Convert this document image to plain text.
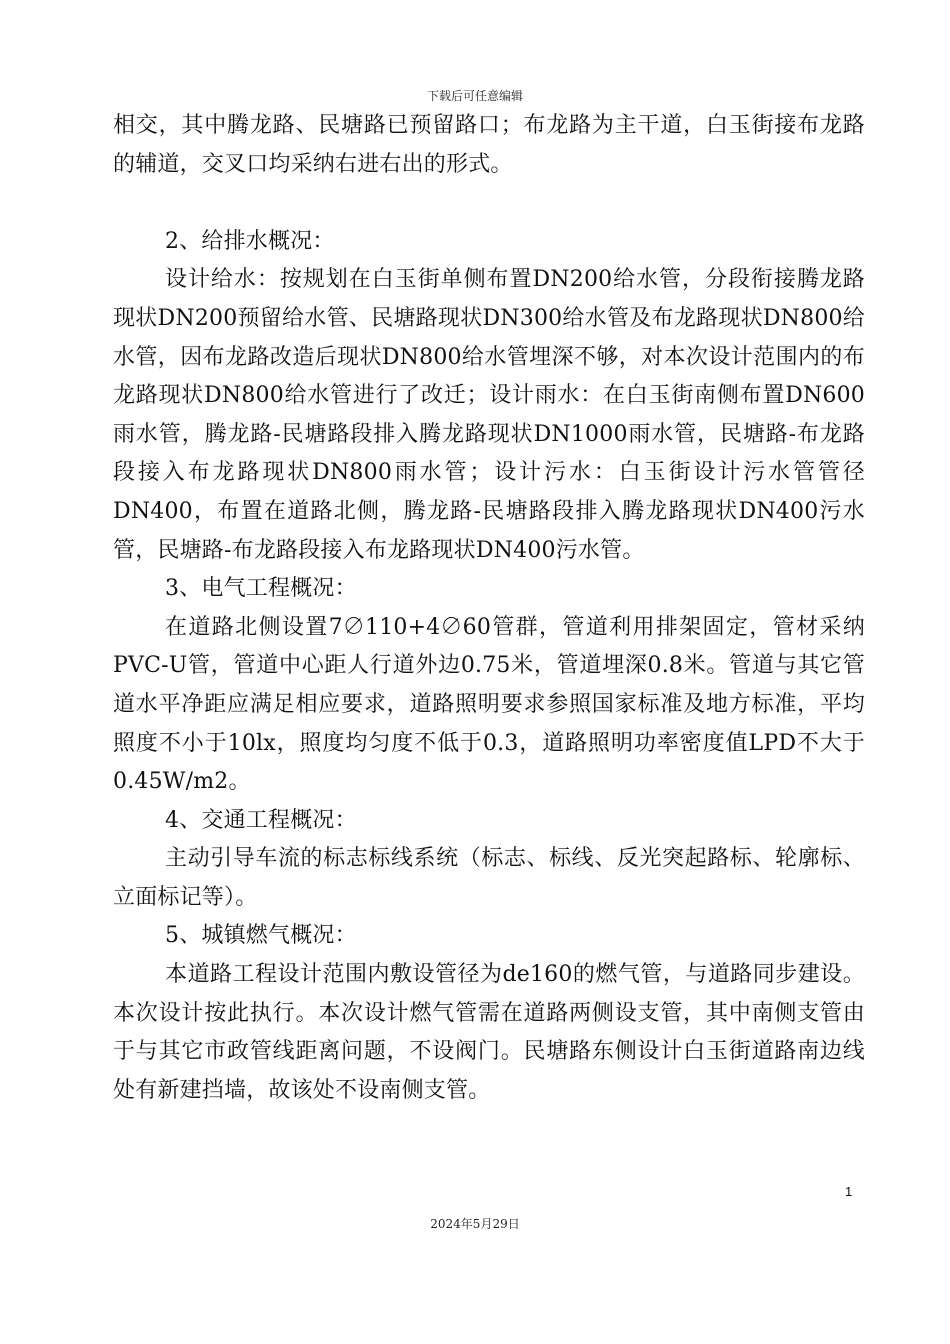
下载后可任意编辑

相交，其中腾龙路、民塘路已预留路口；布龙路为主干道，白玉街接布龙路的辅道，交叉口均采纳右进右出的形式。

2、给排水概况：

设计给水：按规划在白玉街单侧布置DN200给水管，分段衔接腾龙路现状DN200预留给水管、民塘路现状DN300给水管及布龙路现状DN800给水管，因布龙路改造后现状DN800给水管埋深不够，对本次设计范围内的布龙路现状DN800给水管进行了改迁；设计雨水：在白玉街南侧布置DN600雨水管，腾龙路-民塘路段排入腾龙路现状DN1000雨水管，民塘路-布龙路段接入布龙路现状DN800雨水管；设计污水：白玉街设计污水管管径DN400，布置在道路北侧，腾龙路-民塘路段排入腾龙路现状DN400污水管，民塘路-布龙路段接入布龙路现状DN400污水管。

3、电气工程概况：

在道路北侧设置7∅110+4∅60管群，管道利用排架固定，管材采纳PVC-U管，管道中心距人行道外边0.75米，管道埋深0.8米。管道与其它管道水平净距应满足相应要求，道路照明要求参照国家标准及地方标准，平均照度不小于10lx，照度均匀度不低于0.3，道路照明功率密度值LPD不大于0.45W/m2。

4、交通工程概况：

主动引导车流的标志标线系统（标志、标线、反光突起路标、轮廓标、立面标记等）。

5、城镇燃气概况：

本道路工程设计范围内敷设管径为de160的燃气管，与道路同步建设。本次设计按此执行。本次设计燃气管需在道路两侧设支管，其中南侧支管由于与其它市政管线距离问题，不设阀门。民塘路东侧设计白玉街道路南边线处有新建挡墙，故该处不设南侧支管。

1
2024年5月29日
